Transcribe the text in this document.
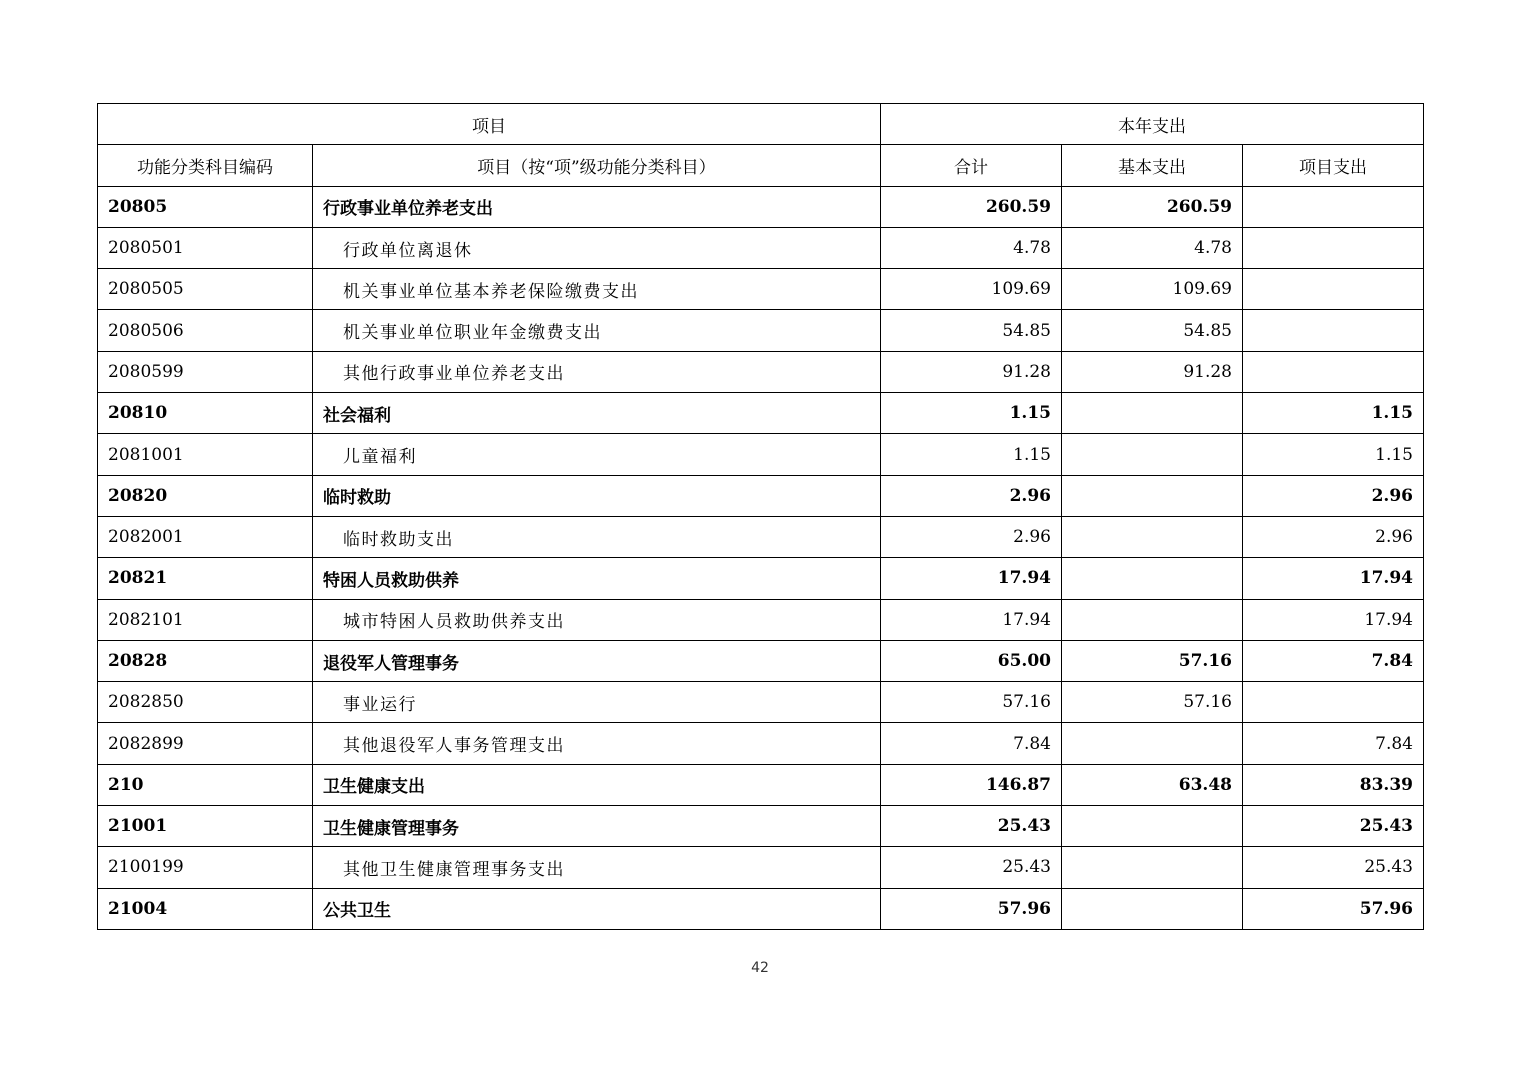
项目		本年支出		
功能分类科目编码	项目（按“项”级功能分类科目）	合计	基本支出	项目支出
20805	行政事业单位养老支出	260.59	260.59	
2080501	行政单位离退休	4.78	4.78	
2080505	机关事业单位基本养老保险缴费支出	109.69	109.69	
2080506	机关事业单位职业年金缴费支出	54.85	54.85	
2080599	其他行政事业单位养老支出	91.28	91.28	
20810	社会福利	1.15		1.15
2081001	儿童福利	1.15		1.15
20820	临时救助	2.96		2.96
2082001	临时救助支出	2.96		2.96
20821	特困人员救助供养	17.94		17.94
2082101	城市特困人员救助供养支出	17.94		17.94
20828	退役军人管理事务	65.00	57.16	7.84
2082850	事业运行	57.16	57.16	
2082899	其他退役军人事务管理支出	7.84		7.84
210	卫生健康支出	146.87	63.48	83.39
21001	卫生健康管理事务	25.43		25.43
2100199	其他卫生健康管理事务支出	25.43		25.43
21004	公共卫生	57.96		57.96
42
